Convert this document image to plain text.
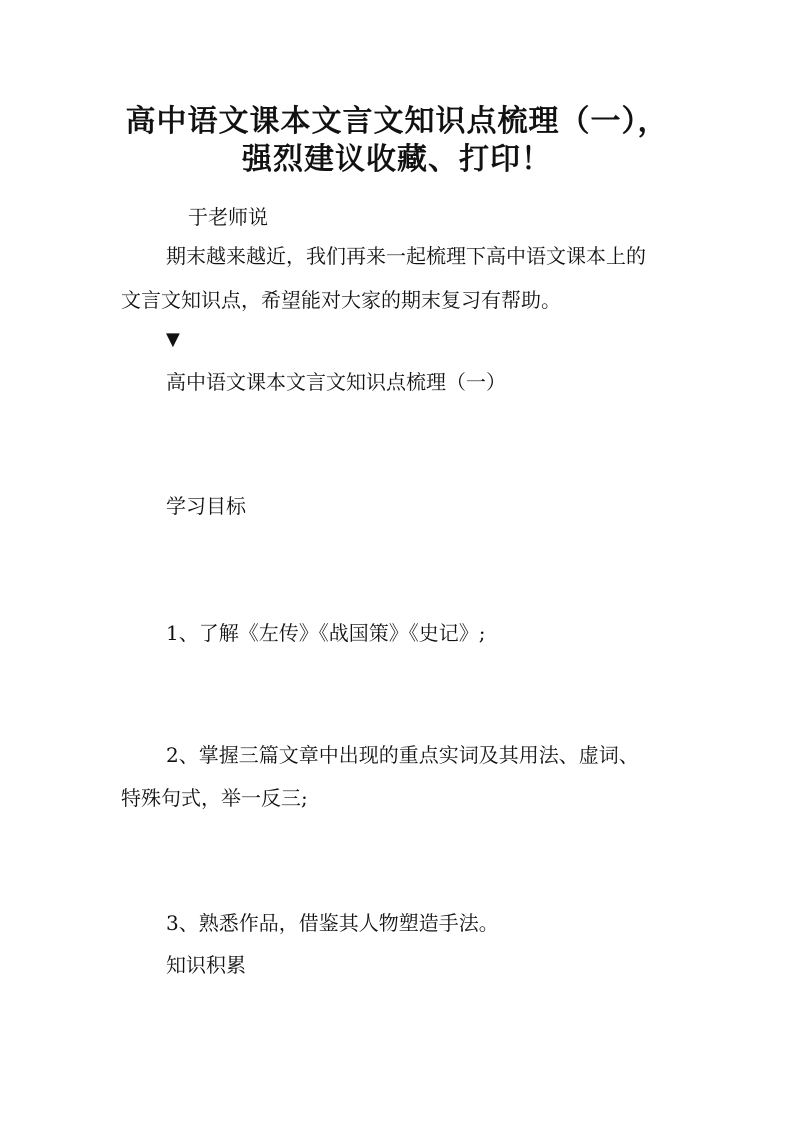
高中语文课本文言文知识点梳理（一），
强烈建议收藏、打印！
于老师说
期末越来越近，我们再来一起梳理下高中语文课本上的
文言文知识点，希望能对大家的期末复习有帮助。
▼
高中语文课本文言文知识点梳理（一）
学习目标
1、了解《左传》《战国策》《史记》;
2、掌握三篇文章中出现的重点实词及其用法、虚词、
特殊句式，举一反三;
3、熟悉作品，借鉴其人物塑造手法。
知识积累
